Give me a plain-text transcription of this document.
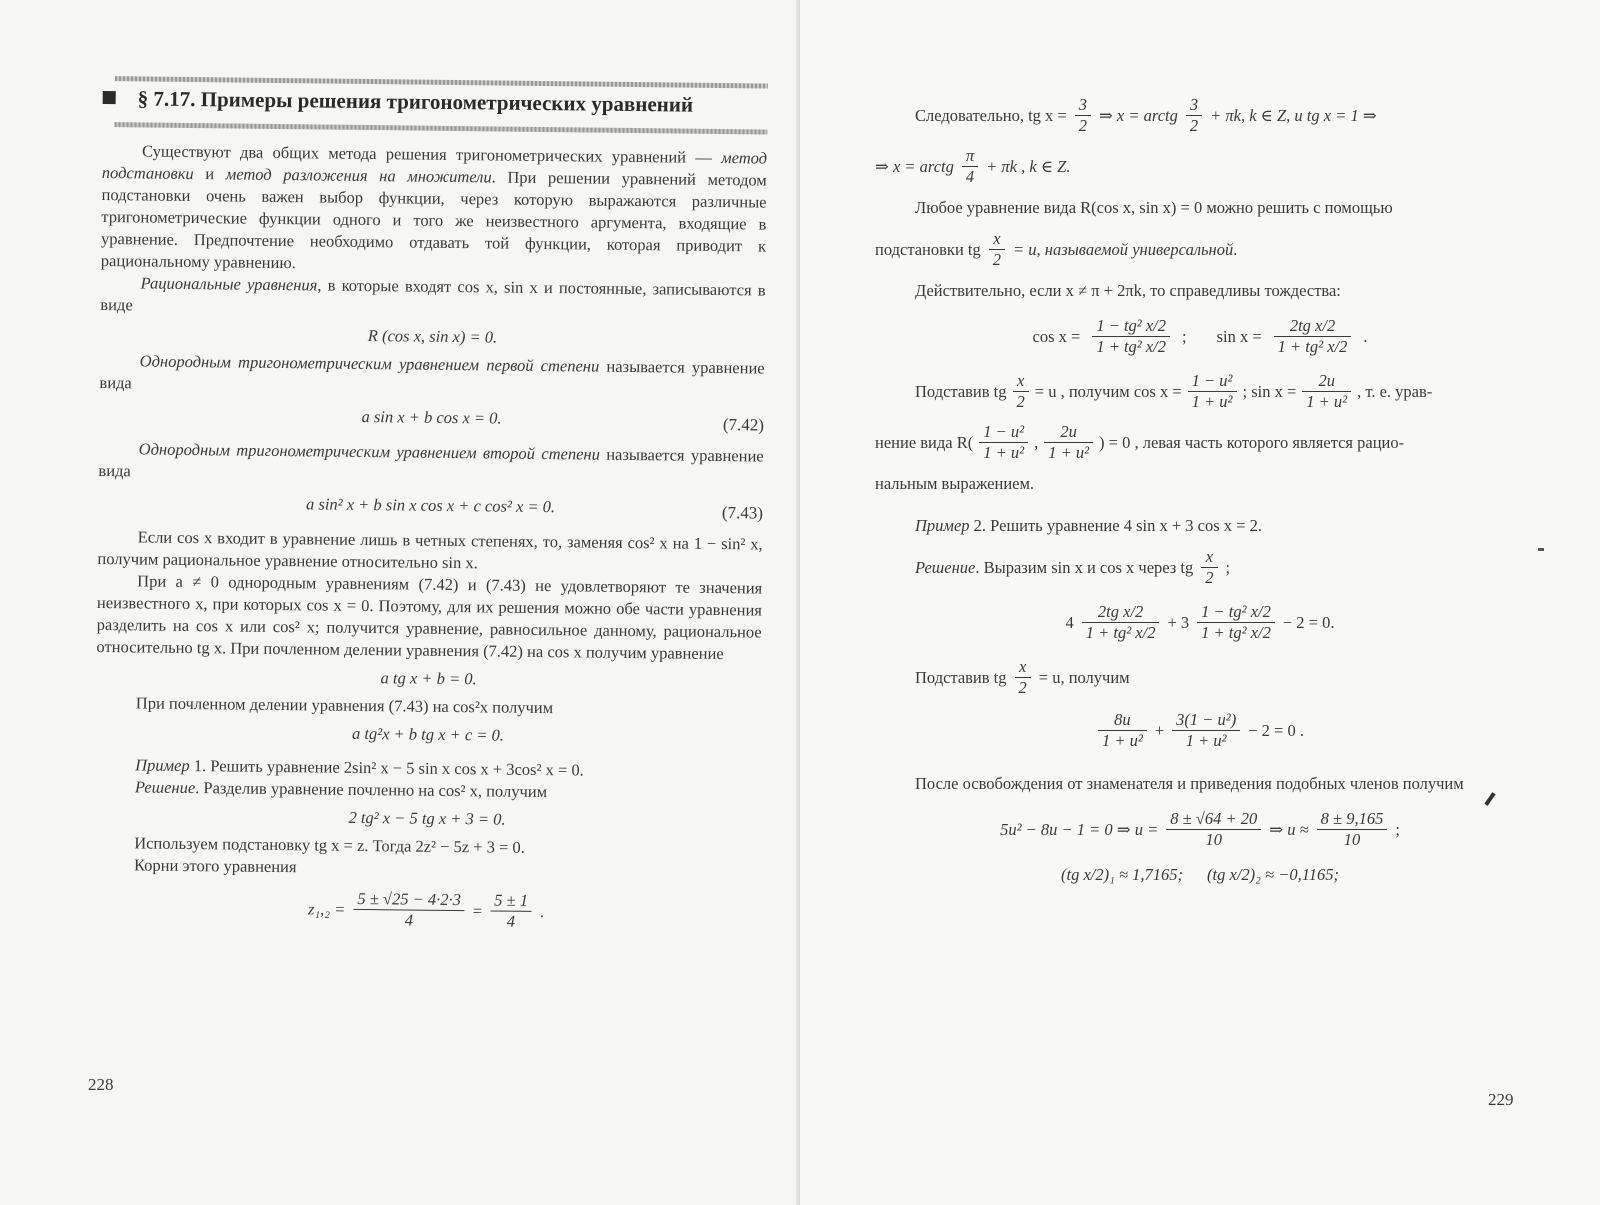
§ 7.17. Примеры решения тригонометрических уравнений

Существуют два общих метода решения тригонометрических уравнений — метод подстановки и метод разложения на множители. При решении уравнений методом подстановки очень важен выбор функции, через которую выражаются различные тригонометрические функции одного и того же неизвестного аргумента, входящие в уравнение. Предпочтение необходимо отдавать той функции, которая приводит к рациональному уравнению.

Рациональные уравнения, в которые входят cos x, sin x и постоянные, записываются в виде

R (cos x, sin x) = 0.

Однородным тригонометрическим уравнением первой степени называется уравнение вида

a sin x + b cos x = 0.	(7.42)

Однородным тригонометрическим уравнением второй степени называется уравнение вида

a sin² x + b sin x cos x + c cos² x = 0.	(7.43)

Если cos x входит в уравнение лишь в четных степенях, то, заменяя cos² x на 1 − sin² x, получим рациональное уравнение относительно sin x.

При a ≠ 0 однородным уравнениям (7.42) и (7.43) не удовлетворяют те значения неизвестного x, при которых cos x = 0. Поэтому, для их решения можно обе части уравнения разделить на cos x или cos² x; получится уравнение, равносильное данному, рациональное относительно tg x. При почленном делении уравнения (7.42) на cos x получим уравнение

a tg x + b = 0.

При почленном делении уравнения (7.43) на cos²x получим

a tg²x + b tg x + c = 0.

Пример 1. Решить уравнение 2sin² x − 5 sin x cos x + 3cos² x = 0.

Решение. Разделив уравнение почленно на cos² x, получим

2 tg² x − 5 tg x + 3 = 0.

Используем подстановку tg x = z. Тогда 2z² − 5z + 3 = 0.

Корни этого уравнения

$z_1,_2 = \frac{5 \pm √25 - 4\cdot 2\cdot 3}{4} = \frac{5 \pm 1}{4}$ .
228
Следовательно, tg $x = \frac{3}{2}$ ⇒ x = arctg $\frac{3}{2} + \pi k$, k ∈ Z, и tg x = 1 ⇒
⇒ x = arctg $\frac{\pi}{4} + \pi k$ , k ∈ Z.

Любое уравнение вида R(cos x, sin x) = 0 можно решить с помощью

подстановки tg $\frac{x}{2} = u$, называемой универсальной.

Действительно, если x ≠ π + 2πk, то справедливы тождества:

$\cos x = \frac{\text{1 − tg² x/2}}{\text{1 + tg² x/2}}$ ; $\sin x = \frac{\text{2tg x/2}}{\text{1 + tg² x/2}}$ .
Подставив tg $\frac{x}{2} = u$ , получим $\cos x = \frac{\text{1 − u²}}{\text{1 + u²}}$ ; $\sin x = \frac{2u}{\text{1 + u²}}$ , т. е. урав-
нение вида $R( \frac{\text{1 − u²}}{\text{1 + u²}}$ , $\frac{2u}{\text{1 + u²}}$ ) = 0 , левая часть которого является рацио-

нальным выражением.

Пример 2. Решить уравнение 4 sin x + 3 cos x = 2.

Решение. Выразим sin x и cos x через tg $\frac{x}{2}$ ;
$4 \frac{\text{2tg x/2}}{\text{1 + tg² x/2}} + 3 \frac{\text{1 − tg² x/2}}{\text{1 + tg² x/2}} - 2 = 0$.
Подставив tg $\frac{x}{2} = u$, получим
$\frac{8u}{\text{1 + u²}} + \frac{\text{3(1 − u²)}}{\text{1 + u²}} - 2 = 0$ .

После освобождения от знаменателя и приведения подобных членов получим

5u² − 8u − 1 = 0 ⇒ $u = \frac{8 \pm √64 + 20}{10}$ ⇒ $u \approx \frac{8 \pm 9,165}{10}$ ;
(tg x/2)₁ ≈ 1,7165; (tg x/2)₂ ≈ −0,1165;
229
